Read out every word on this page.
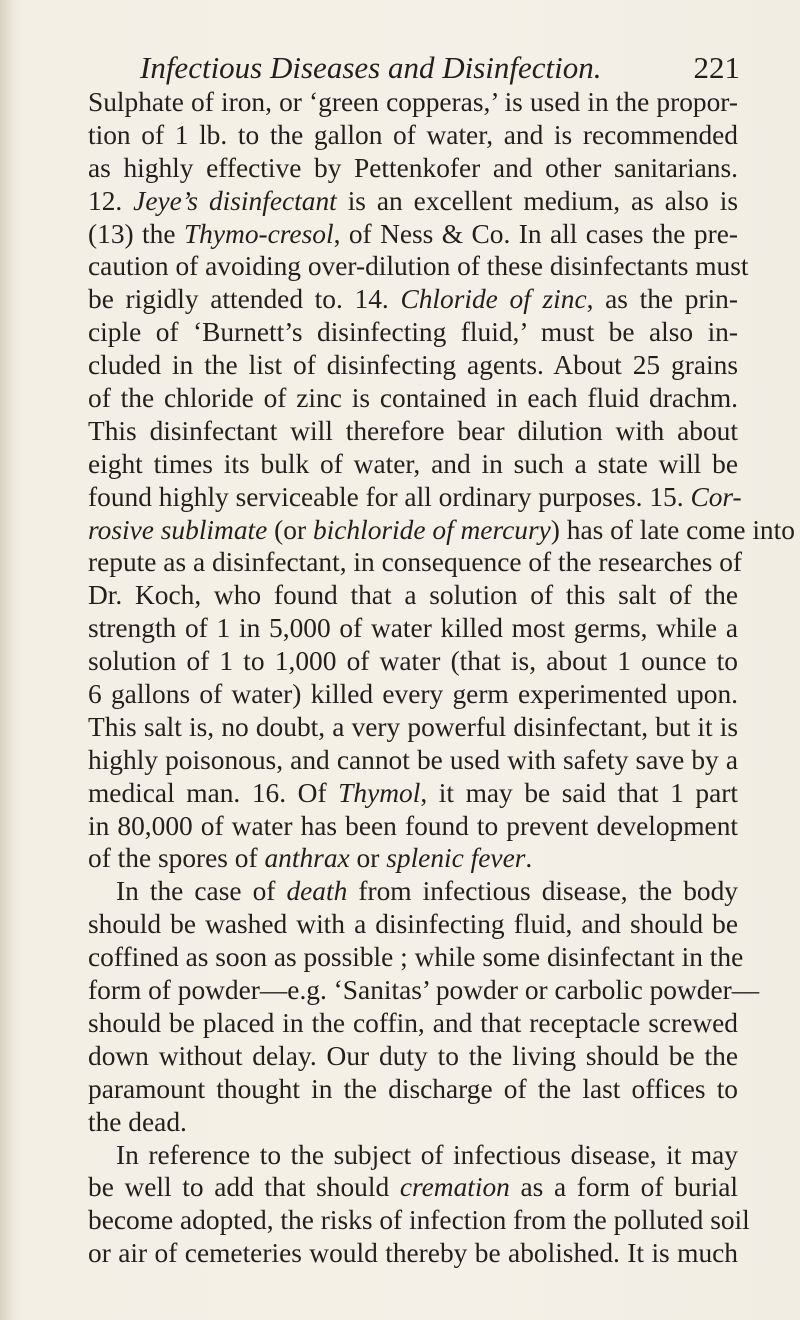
Infectious Diseases and Disinfection.	221
Sulphate of iron, or ‘green copperas,’ is used in the propor-
tion of 1 lb. to the gallon of water, and is recommended
as highly effective by Pettenkofer and other sanitarians.
12. Jeye’s disinfectant is an excellent medium, as also is
(13) the Thymo-cresol, of Ness & Co. In all cases the pre-
caution of avoiding over-dilution of these disinfectants must
be rigidly attended to. 14. Chloride of zinc, as the prin-
ciple of ‘Burnett’s disinfecting fluid,’ must be also in-
cluded in the list of disinfecting agents. About 25 grains
of the chloride of zinc is contained in each fluid drachm.
This disinfectant will therefore bear dilution with about
eight times its bulk of water, and in such a state will be
found highly serviceable for all ordinary purposes. 15. Cor-
rosive sublimate (or bichloride of mercury) has of late come into
repute as a disinfectant, in consequence of the researches of
Dr. Koch, who found that a solution of this salt of the
strength of 1 in 5,000 of water killed most germs, while a
solution of 1 to 1,000 of water (that is, about 1 ounce to
6 gallons of water) killed every germ experimented upon.
This salt is, no doubt, a very powerful disinfectant, but it is
highly poisonous, and cannot be used with safety save by a
medical man. 16. Of Thymol, it may be said that 1 part
in 80,000 of water has been found to prevent development
of the spores of anthrax or splenic fever.
In the case of death from infectious disease, the body
should be washed with a disinfecting fluid, and should be
coffined as soon as possible ; while some disinfectant in the
form of powder—e.g. ‘Sanitas’ powder or carbolic powder—
should be placed in the coffin, and that receptacle screwed
down without delay. Our duty to the living should be the
paramount thought in the discharge of the last offices to
the dead.
In reference to the subject of infectious disease, it may
be well to add that should cremation as a form of burial
become adopted, the risks of infection from the polluted soil
or air of cemeteries would thereby be abolished. It is much
